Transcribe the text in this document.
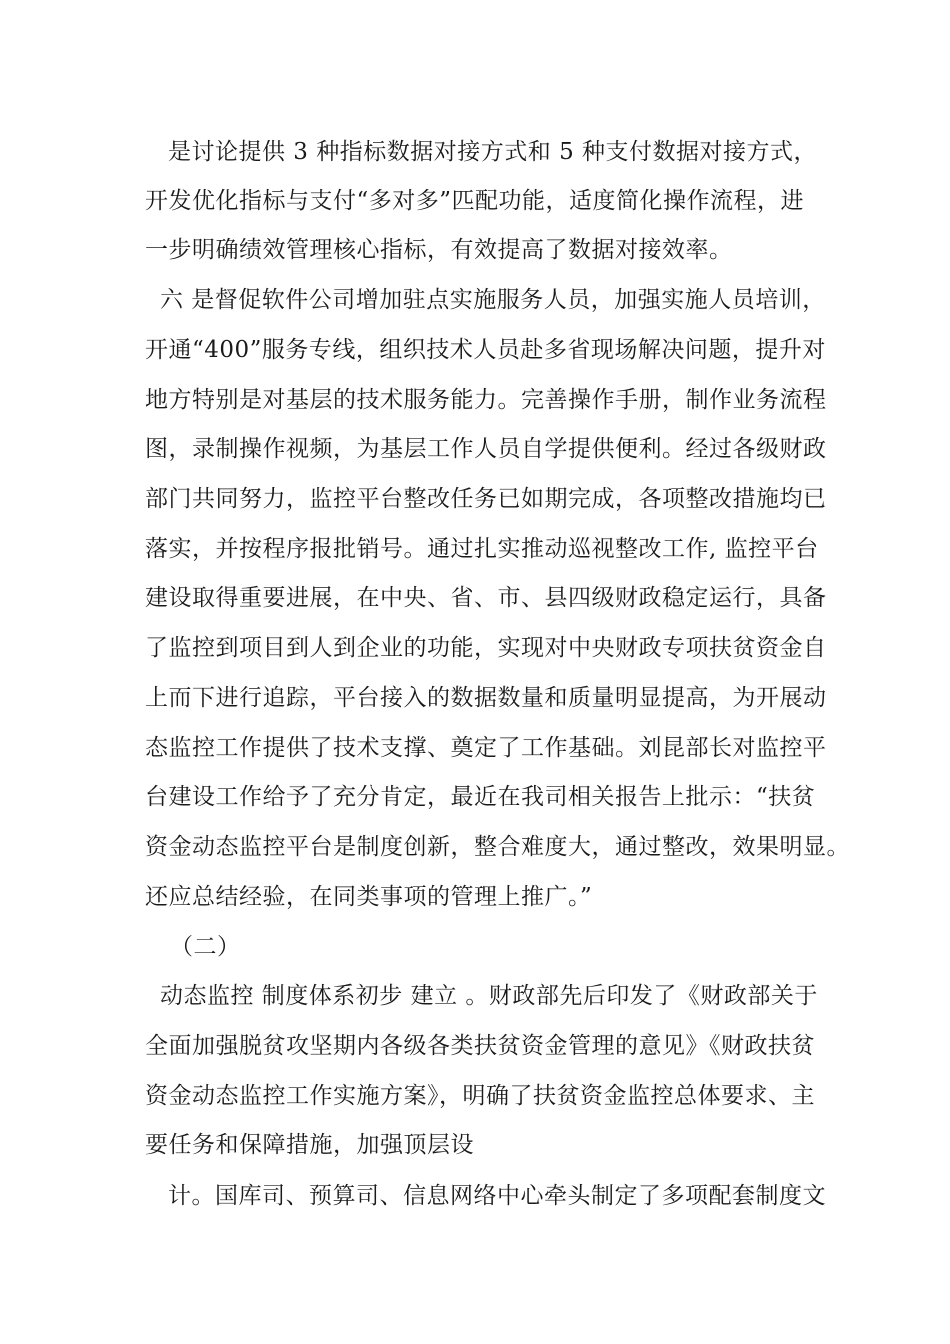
是讨论提供 3 种指标数据对接方式和 5 种支付数据对接方式，
开发优化指标与支付“多对多”匹配功能，适度简化操作流程，进
一步明确绩效管理核心指标，有效提高了数据对接效率。
六 是督促软件公司增加驻点实施服务人员，加强实施人员培训，
开通“400”服务专线，组织技术人员赴多省现场解决问题，提升对
地方特别是对基层的技术服务能力。完善操作手册，制作业务流程
图，录制操作视频，为基层工作人员自学提供便利。经过各级财政
部门共同努力，监控平台整改任务已如期完成，各项整改措施均已
落实，并按程序报批销号。通过扎实推动巡视整改工作, 监控平台
建设取得重要进展，在中央、省、市、县四级财政稳定运行，具备
了监控到项目到人到企业的功能，实现对中央财政专项扶贫资金自
上而下进行追踪，平台接入的数据数量和质量明显提高，为开展动
态监控工作提供了技术支撑、奠定了工作基础。刘昆部长对监控平
台建设工作给予了充分肯定，最近在我司相关报告上批示：“扶贫
资金动态监控平台是制度创新，整合难度大，通过整改，效果明显。
还应总结经验，在同类事项的管理上推广。”
（二）
动态监控 制度体系初步 建立 。财政部先后印发了《财政部关于
全面加强脱贫攻坚期内各级各类扶贫资金管理的意见》《财政扶贫
资金动态监控工作实施方案》，明确了扶贫资金监控总体要求、主
要任务和保障措施，加强顶层设
计。国库司、预算司、信息网络中心牵头制定了多项配套制度文
